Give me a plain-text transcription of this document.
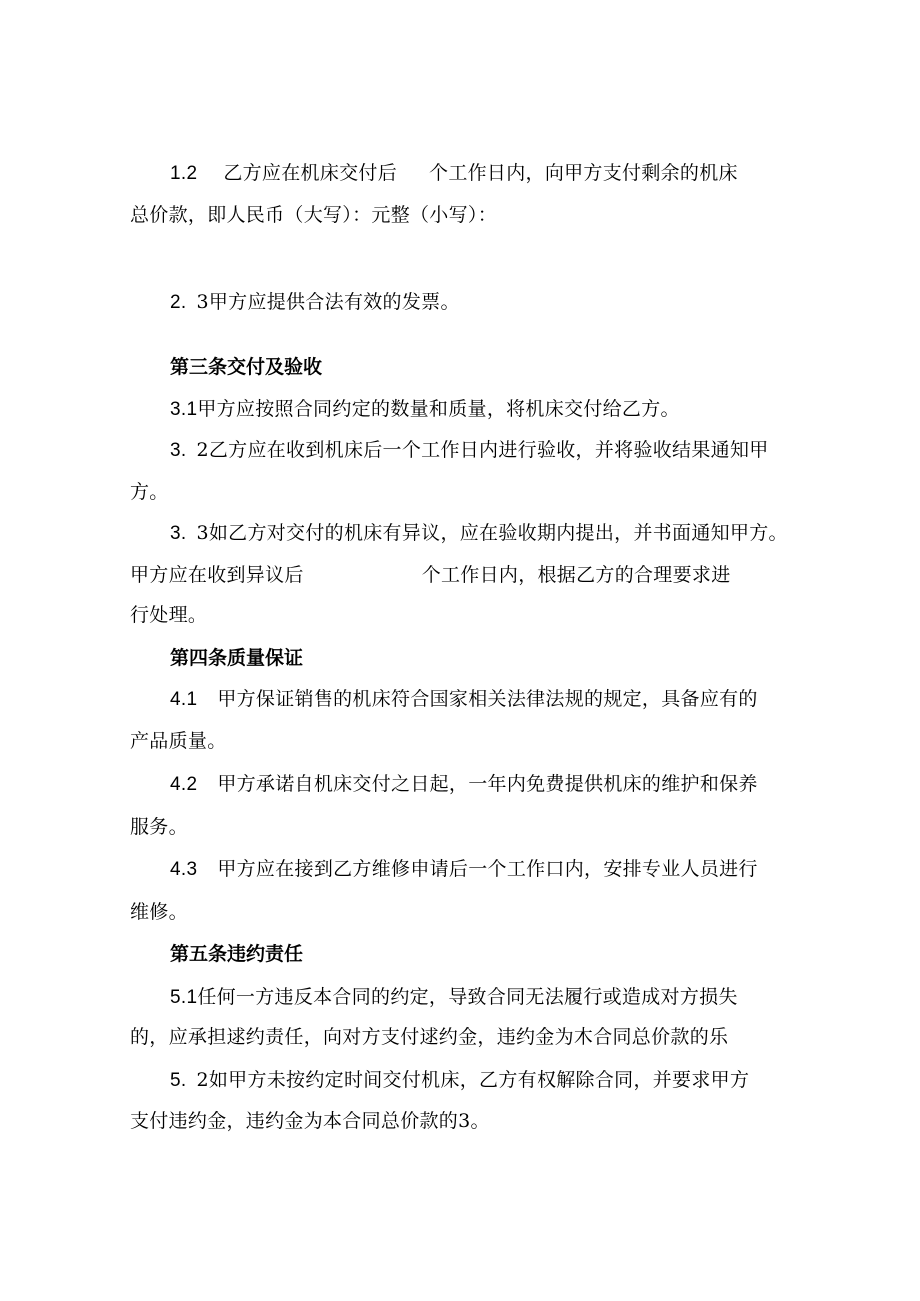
1.2 乙方应在机床交付后 个工作日内，向甲方支付剩余的机床
总价款，即人民币（大写）：元整（小写）：
2. 3甲方应提供合法有效的发票。
第三条交付及验收
3.1甲方应按照合同约定的数量和质量，将机床交付给乙方。
3. 2乙方应在收到机床后一个工作日内进行验收，并将验收结果通知甲
方。
3. 3如乙方对交付的机床有异议，应在验收期内提出，并书面通知甲方。
甲方应在收到异议后	个工作日内，根据乙方的合理要求进
行处理。
第四条质量保证
4.1 甲方保证销售的机床符合国家相关法律法规的规定，具备应有的
产品质量。
4.2 甲方承诺自机床交付之日起，一年内免费提供机床的维护和保养
服务。
4.3 甲方应在接到乙方维修申请后一个工作口内，安排专业人员进行
维修。
第五条违约责任
5.1任何一方违反本合同的约定，导致合同无法履行或造成对方损失
的，应承担逑约责任，向对方支付逑约金，违约金为木合同总价款的乐
5. 2如甲方未按约定时间交付机床，乙方有权解除合同，并要求甲方
支付违约金，违约金为本合同总价款的3。
